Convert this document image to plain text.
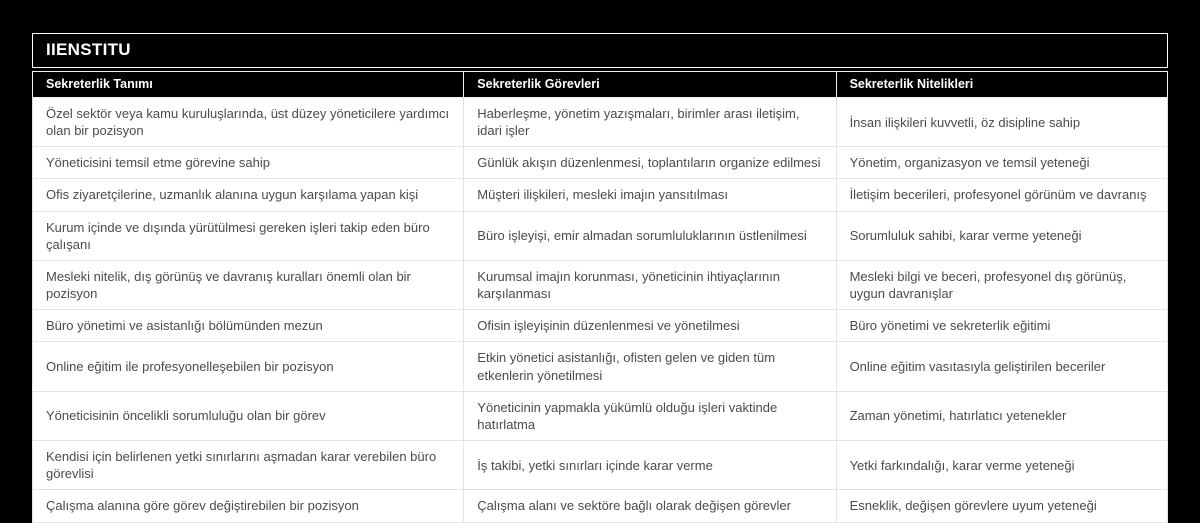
IIENSTITU
Sekreterlik Tanımı	Sekreterlik Görevleri	Sekreterlik Nitelikleri
Özel sektör veya kamu kuruluşlarında, üst düzey yöneticilere yardımcı olan bir pozisyon	Haberleşme, yönetim yazışmaları, birimler arası iletişim, idari işler	İnsan ilişkileri kuvvetli, öz disipline sahip
Yöneticisini temsil etme görevine sahip	Günlük akışın düzenlenmesi, toplantıların organize edilmesi	Yönetim, organizasyon ve temsil yeteneği
Ofis ziyaretçilerine, uzmanlık alanına uygun karşılama yapan kişi	Müşteri ilişkileri, mesleki imajın yansıtılması	İletişim becerileri, profesyonel görünüm ve davranış
Kurum içinde ve dışında yürütülmesi gereken işleri takip eden büro çalışanı	Büro işleyişi, emir almadan sorumluluklarının üstlenilmesi	Sorumluluk sahibi, karar verme yeteneği
Mesleki nitelik, dış görünüş ve davranış kuralları önemli olan bir pozisyon	Kurumsal imajın korunması, yöneticinin ihtiyaçlarının karşılanması	Mesleki bilgi ve beceri, profesyonel dış görünüş, uygun davranışlar
Büro yönetimi ve asistanlığı bölümünden mezun	Ofisin işleyişinin düzenlenmesi ve yönetilmesi	Büro yönetimi ve sekreterlik eğitimi
Online eğitim ile profesyonelleşebilen bir pozisyon	Etkin yönetici asistanlığı, ofisten gelen ve giden tüm etkenlerin yönetilmesi	Online eğitim vasıtasıyla geliştirilen beceriler
Yöneticisinin öncelikli sorumluluğu olan bir görev	Yöneticinin yapmakla yükümlü olduğu işleri vaktinde hatırlatma	Zaman yönetimi, hatırlatıcı yetenekler
Kendisi için belirlenen yetki sınırlarını aşmadan karar verebilen büro görevlisi	İş takibi, yetki sınırları içinde karar verme	Yetki farkındalığı, karar verme yeteneği
Çalışma alanına göre görev değiştirebilen bir pozisyon	Çalışma alanı ve sektöre bağlı olarak değişen görevler	Esneklik, değişen görevlere uyum yeteneği
